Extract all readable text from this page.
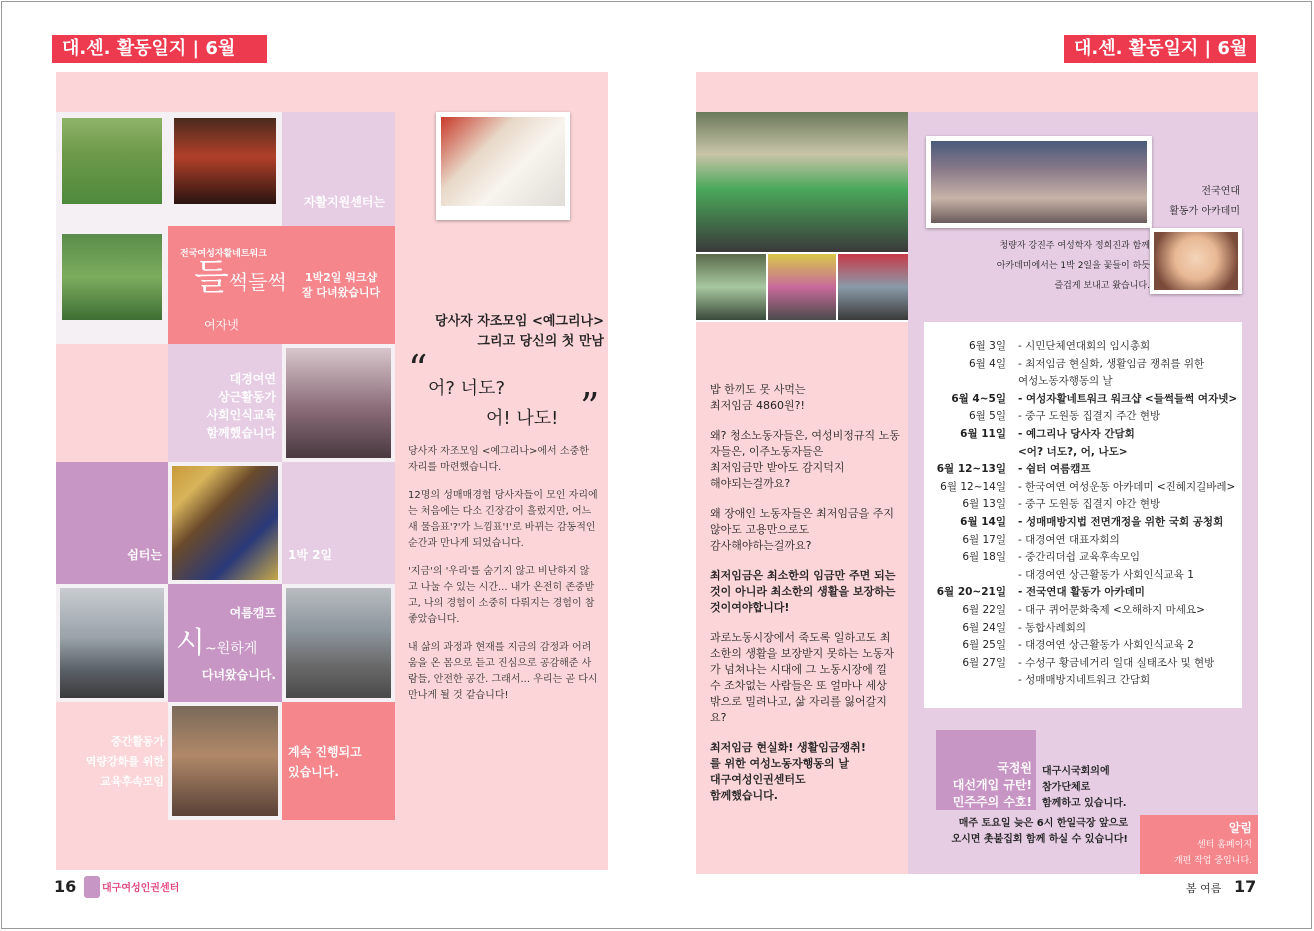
대.센. 활동일지 | 6월
자활지원센터는
전국여성자활네트워크
들썩들썩
여자넷
1박2일 워크샵
잘 다녀왔습니다
대경여연
상근활동가
사회인식교육
함께했습니다
쉼터는	1박 2일
여름캠프
시~원하게
다녀왔습니다.
중간활동가
역량강화를 위한
교육후속모임
계속 진행되고
있습니다.
당사자 자조모임 <예그리나>
그리고 당신의 첫 만남
“ 어? 너도?
어! 나도! ”

당사자 자조모임 <예그리나>에서 소중한 자리를 마련했습니다.

12명의 성매매경험 당사자들이 모인 자리에는 처음에는 다소 긴장감이 흘렀지만, 어느새 물음표'?'가 느낌표'!'로 바뀌는 감동적인 순간과 만나게 되었습니다.

'지금'의 '우리'를 숨기지 않고 비난하지 않고 나눌 수 있는 시간... 내가 온전히 존중받고, 나의 경험이 소중히 다뤄지는 경험이 참 좋았습니다.

내 삶의 과정과 현재를 지금의 감정과 어려움을 온 몸으로 듣고 진심으로 공감해준 사람들, 안전한 공간. 그래서... 우리는 곧 다시 만나게 될 것 같습니다!

16	대구여성인권센터
대.센. 활동일지 | 6월
전국연대
활동가 아카데미
청량자 강진주 여성학자 정희진과 함께
아카데미에서는 1박 2일을 꽃들이 하듯
즐겁게 보내고 왔습니다.

밥 한끼도 못 사먹는
최저임금 4860원?!

왜? 청소노동자들은, 여성비정규직 노동자들은, 이주노동자들은
최저임금만 받아도 감지덕지
해야되는걸까요?

왜 장애인 노동자들은 최저임금을 주지않아도 고용만으로도
감사해야하는걸까요?

최저임금은 최소한의 임금만 주면 되는 것이 아니라 최소한의 생활을 보장하는 것이여야합니다!

과로노동시장에서 죽도록 일하고도 최소한의 생활을 보장받지 못하는 노동자가 넘쳐나는 시대에 그 노동시장에 낄 수 조차없는 사람들은 또 얼마나 세상 밖으로 밀려나고, 삶 자리를 잃어갈지요?

최저임금 현실화! 생활임금쟁취!
를 위한 여성노동자행동의 날
대구여성인권센터도
함께했습니다.

6월 3일	- 시민단체연대회의 임시총회
6월 4일	- 최저임금 현실화, 생활임금 쟁취를 위한
여성노동자행동의 날
6월 4~5일	- 여성자활네트워크 워크샵 <들썩들썩 여자넷>
6월 5일	- 중구 도원동 집결지 주간 현방
6월 11일	- 예그리나 당사자 간담회
<어? 너도?, 어, 나도>
6월 12~13일	- 쉼터 여름캠프
6월 12~14일	- 한국여연 여성운동 아카데미 <진혜지길바레>
6월 13일	- 중구 도원동 집결지 야간 현방
6월 14일	- 성매매방지법 전면개정을 위한 국회 공청회
6월 17일	- 대경여연 대표자회의
6월 18일	- 중간리더쉽 교육후속모임
- 대경여연 상근활동가 사회인식교육 1
6월 20~21일	- 전국연대 활동가 아카데미
6월 22일	- 대구 퀴어문화축제 <오해하지 마세요>
6월 24일	- 동합사례회의
6월 25일	- 대경여연 상근활동가 사회인식교육 2
6월 27일	- 수성구 황금네거리 일대 실태조사 및 현방
- 성매매방지네트워크 간담회
국정원
대선개입 규탄!
민주주의 수호!
대구시국회의에
참가단체로
함께하고 있습니다.
매주 토요일 늦은 6시 한일극장 앞으로
오시면 촛불집회 함께 하실 수 있습니다!
알림
센터 홈페이지
개편 작업 중입니다.
봄 여름 17
